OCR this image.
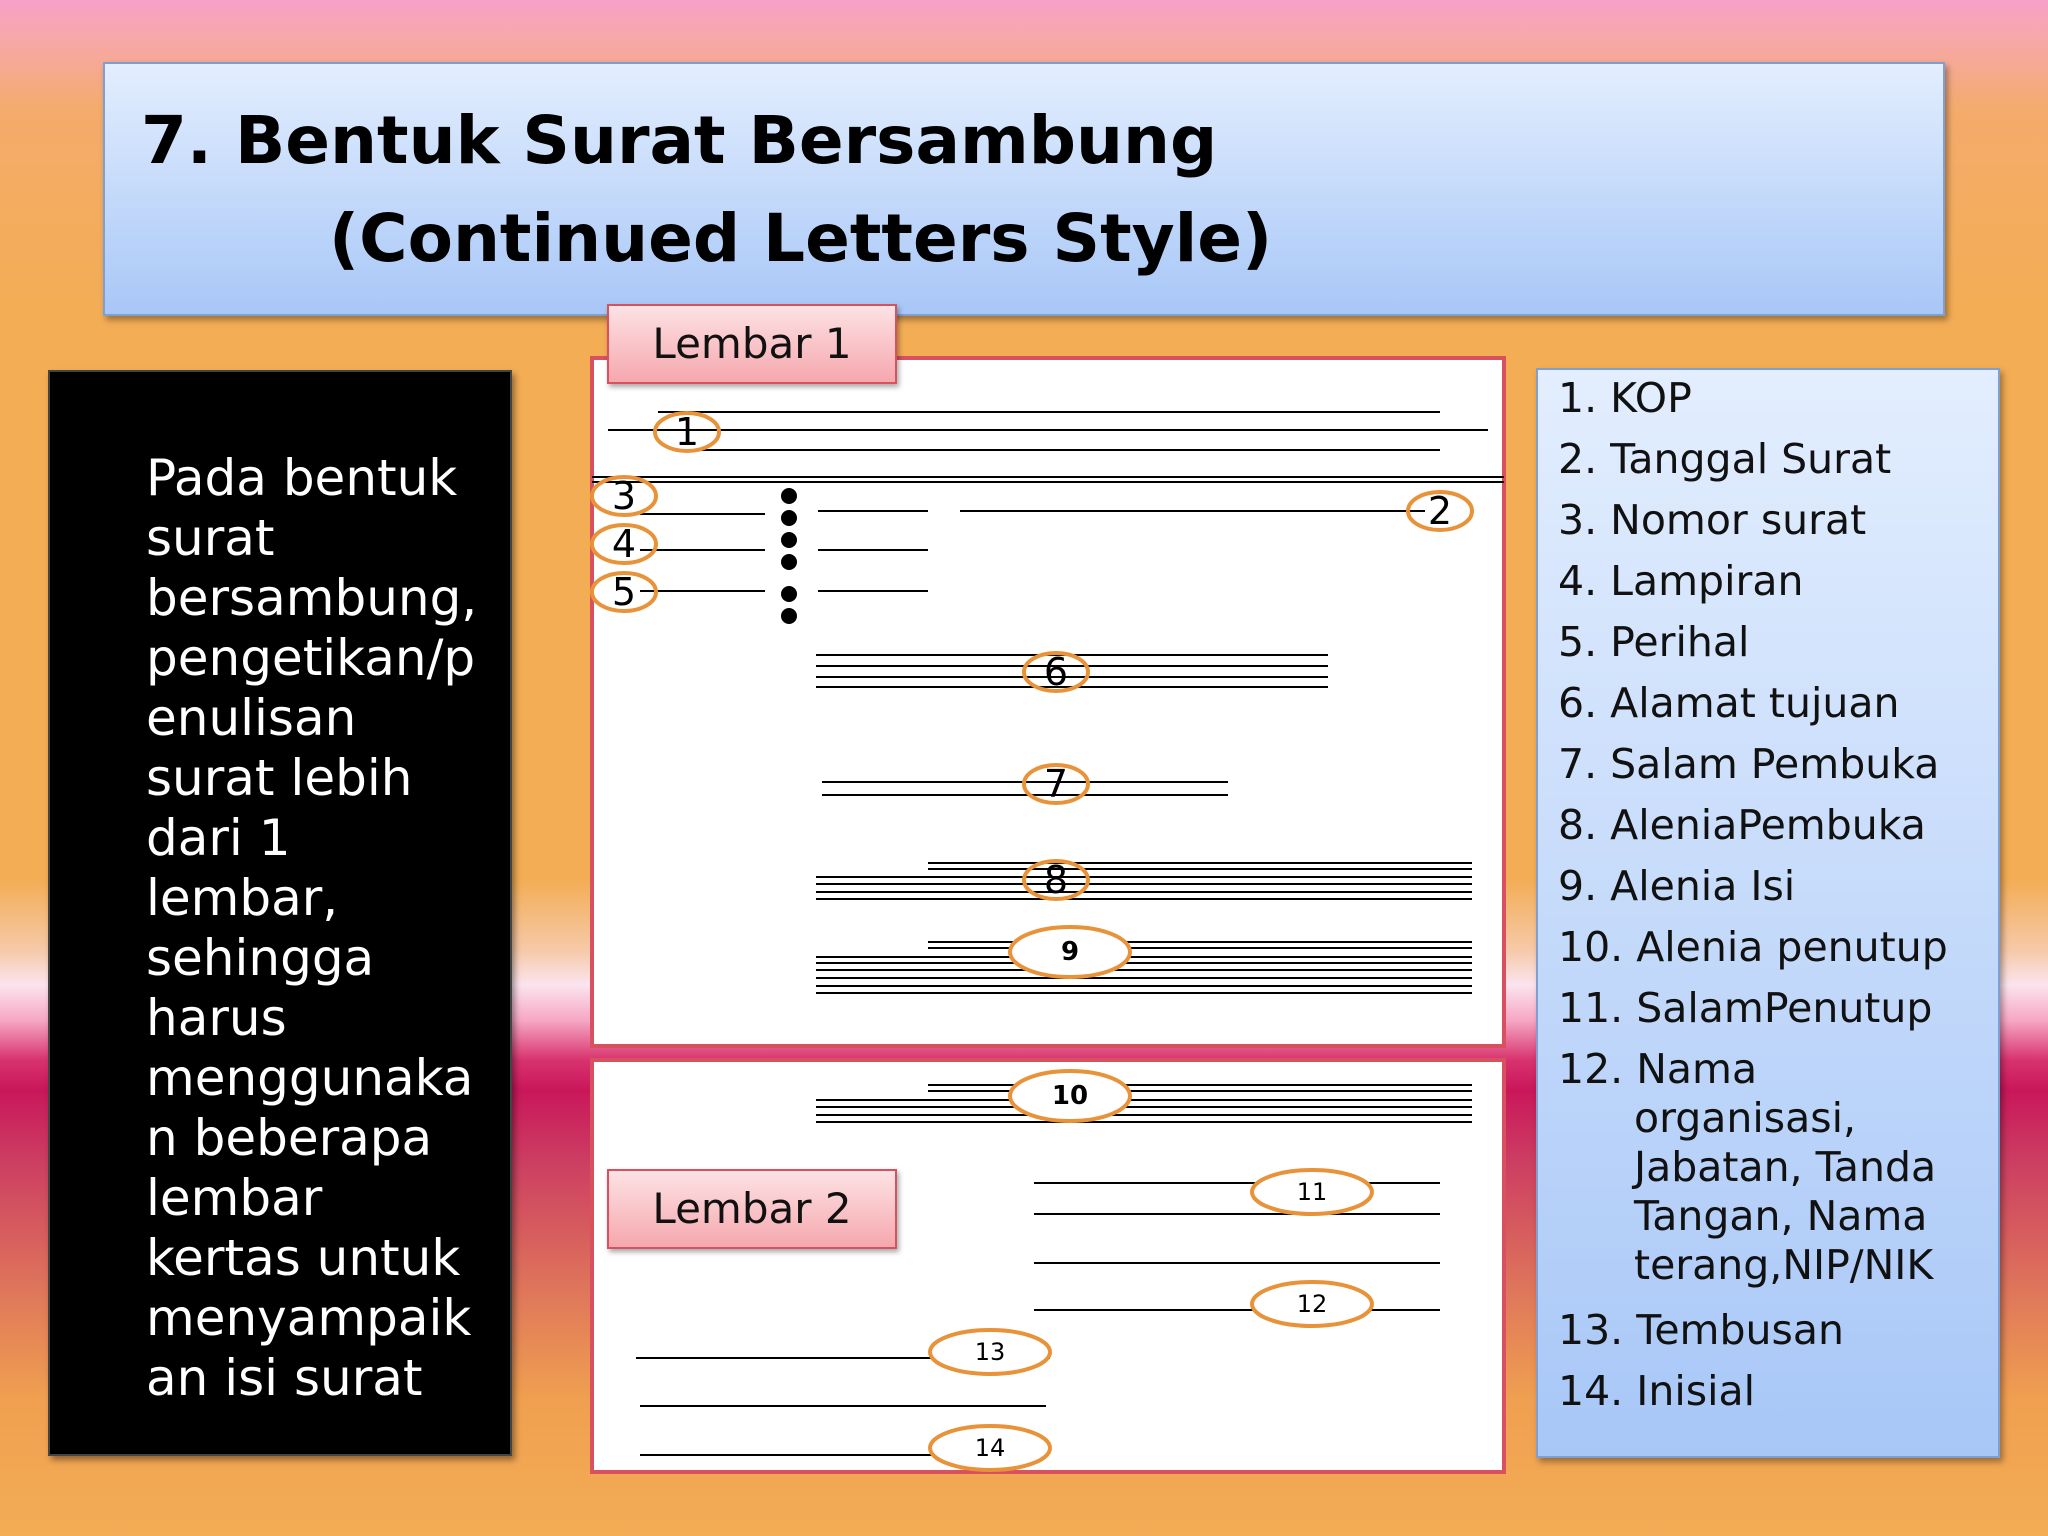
7. Bentuk Surat Bersambung
(Continued Letters Style)
Pada bentuk
surat
bersambung,
pengetikan/p
enulisan
surat lebih
dari 1
lembar,
sehingga
harus
menggunaka
n beberapa
lembar
kertas untuk
menyampaik
an isi surat
1
2
3
4
5
6
7
8
9
10
11
12
13
14
Lembar 1
Lembar 2
1. KOP
2. Tanggal Surat
3. Nomor surat
4. Lampiran
5. Perihal
6. Alamat tujuan
7. Salam Pembuka
8. AleniaPembuka
9. Alenia Isi
10. Alenia penutup
11. SalamPenutup
12. Nama
organisasi,
Jabatan, Tanda
Tangan, Nama
terang,NIP/NIK
13. Tembusan
14. Inisial
